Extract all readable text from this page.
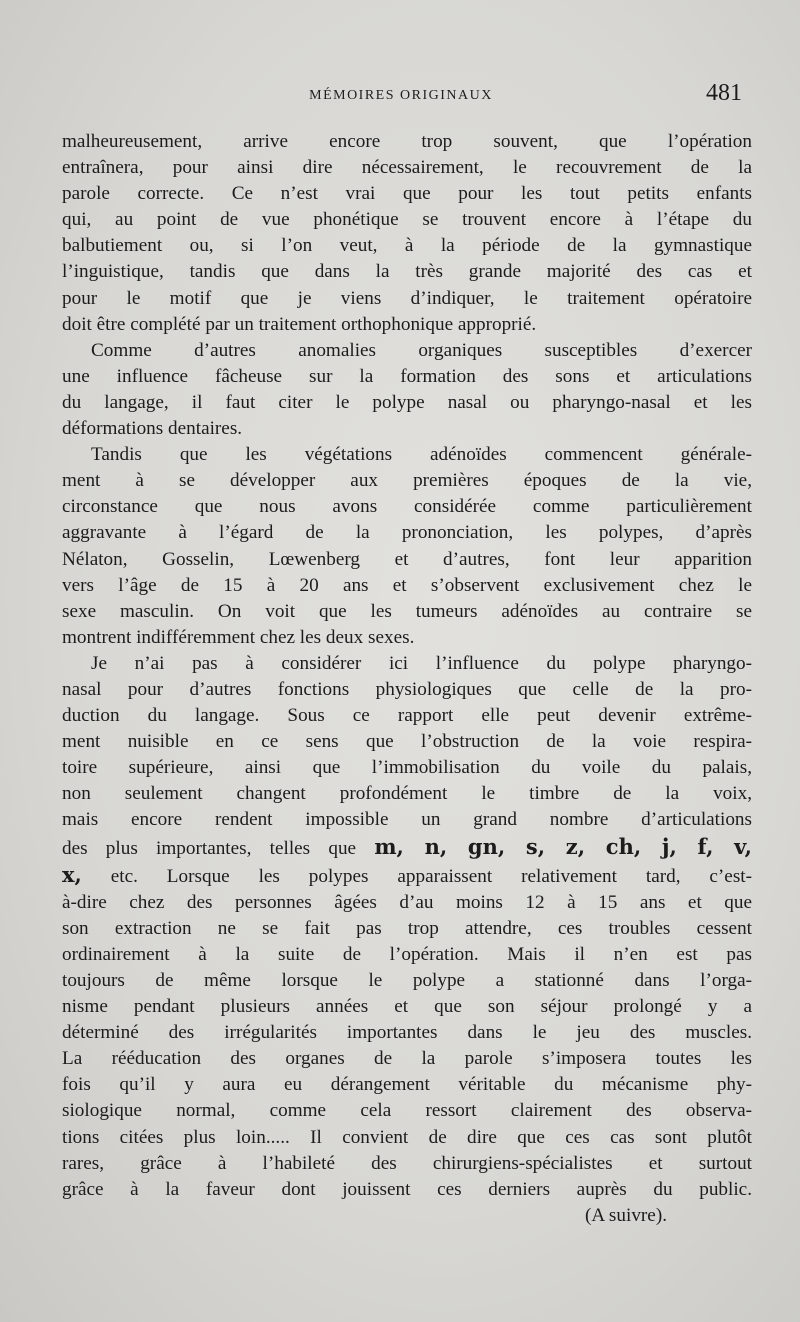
MÉMOIRES ORIGINAUX	481
malheureusement, arrive encore trop souvent, que l’opération
entraînera, pour ainsi dire nécessairement, le recouvrement de la
parole correcte. Ce n’est vrai que pour les tout petits enfants
qui, au point de vue phonétique se trouvent encore à l’étape du
balbutiement ou, si l’on veut, à la période de la gymnastique
l’inguistique, tandis que dans la très grande majorité des cas et
pour le motif que je viens d’indiquer, le traitement opératoire
doit être complété par un traitement orthophonique approprié.
Comme d’autres anomalies organiques susceptibles d’exercer
une influence fâcheuse sur la formation des sons et articulations
du langage, il faut citer le polype nasal ou pharyngo-nasal et les
déformations dentaires.
Tandis que les végétations adénoïdes commencent générale-
ment à se développer aux premières époques de la vie,
circonstance que nous avons considérée comme particulièrement
aggravante à l’égard de la prononciation, les polypes, d’après
Nélaton, Gosselin, Lœwenberg et d’autres, font leur apparition
vers l’âge de 15 à 20 ans et s’observent exclusivement chez le
sexe masculin. On voit que les tumeurs adénoïdes au contraire se
montrent indifféremment chez les deux sexes.
Je n’ai pas à considérer ici l’influence du polype pharyngo-
nasal pour d’autres fonctions physiologiques que celle de la pro-
duction du langage. Sous ce rapport elle peut devenir extrême-
ment nuisible en ce sens que l’obstruction de la voie respira-
toire supérieure, ainsi que l’immobilisation du voile du palais,
non seulement changent profondément le timbre de la voix,
mais encore rendent impossible un grand nombre d’articulations
des plus importantes, telles que m, n, gn, s, z, ch, j, f, v,
x, etc. Lorsque les polypes apparaissent relativement tard, c’est-
à-dire chez des personnes âgées d’au moins 12 à 15 ans et que
son extraction ne se fait pas trop attendre, ces troubles cessent
ordinairement à la suite de l’opération. Mais il n’en est pas
toujours de même lorsque le polype a stationné dans l’orga-
nisme pendant plusieurs années et que son séjour prolongé y a
déterminé des irrégularités importantes dans le jeu des muscles.
La rééducation des organes de la parole s’imposera toutes les
fois qu’il y aura eu dérangement véritable du mécanisme phy-
siologique normal, comme cela ressort clairement des observa-
tions citées plus loin..... Il convient de dire que ces cas sont plutôt
rares, grâce à l’habileté des chirurgiens-spécialistes et surtout
grâce à la faveur dont jouissent ces derniers auprès du public.
(A suivre).
